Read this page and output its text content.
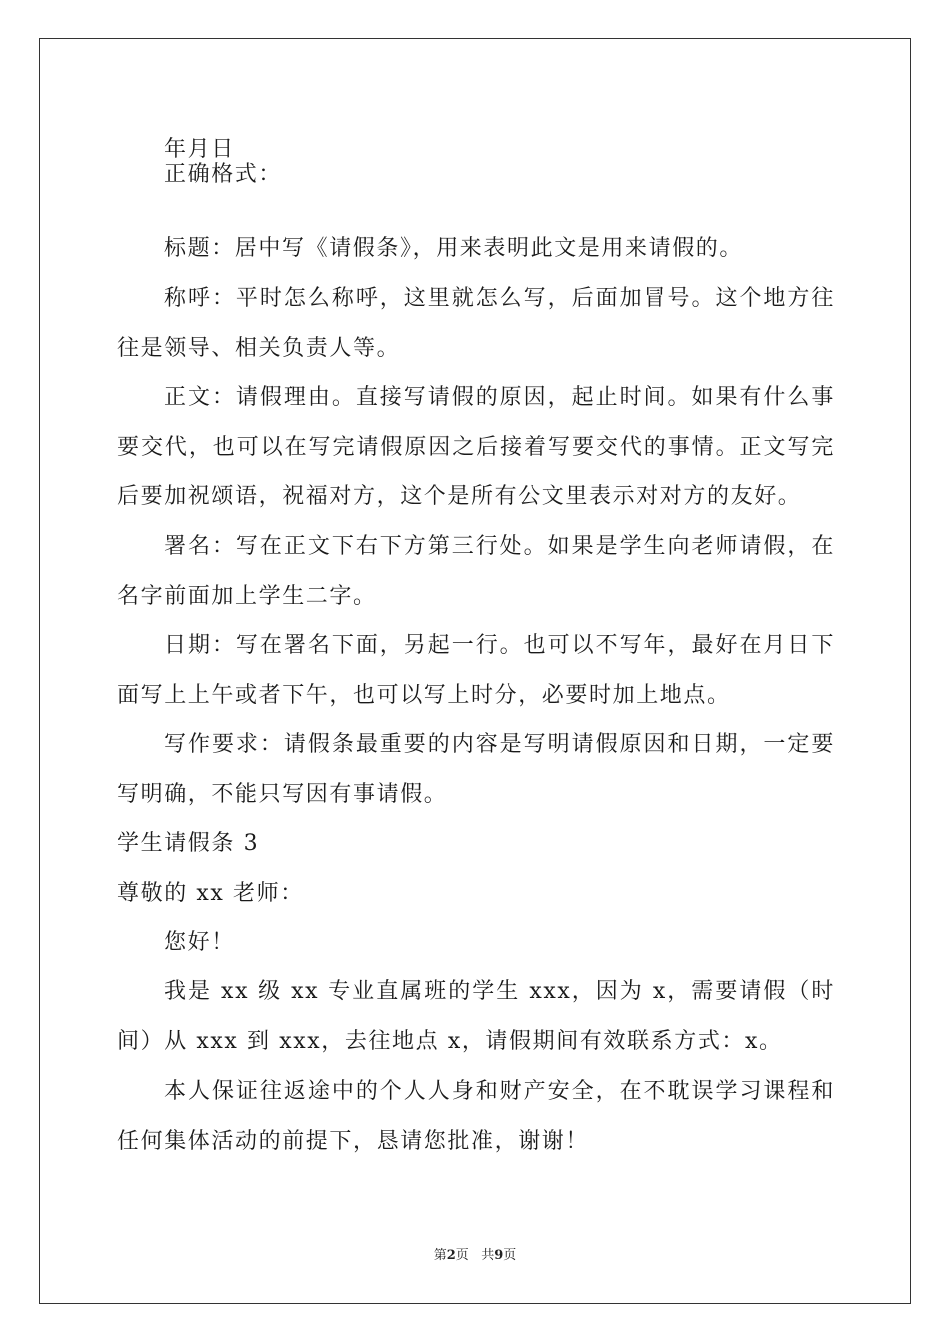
年月日

正确格式：

标题：居中写《请假条》，用来表明此文是用来请假的。

称呼：平时怎么称呼，这里就怎么写，后面加冒号。这个地方往往是领导、相关负责人等。

正文：请假理由。直接写请假的原因，起止时间。如果有什么事要交代，也可以在写完请假原因之后接着写要交代的事情。正文写完后要加祝颂语，祝福对方，这个是所有公文里表示对对方的友好。

署名：写在正文下右下方第三行处。如果是学生向老师请假，在名字前面加上学生二字。

日期：写在署名下面，另起一行。也可以不写年，最好在月日下面写上上午或者下午，也可以写上时分，必要时加上地点。

写作要求：请假条最重要的内容是写明请假原因和日期，一定要写明确，不能只写因有事请假。

学生请假条 3

尊敬的 xx 老师：

您好！

我是 xx 级 xx 专业直属班的学生 xxx，因为 x，需要请假（时间）从 xxx 到 xxx，去往地点 x，请假期间有效联系方式：x。

本人保证往返途中的个人人身和财产安全，在不耽误学习课程和任何集体活动的前提下，恳请您批准，谢谢！

第2页 共9页
